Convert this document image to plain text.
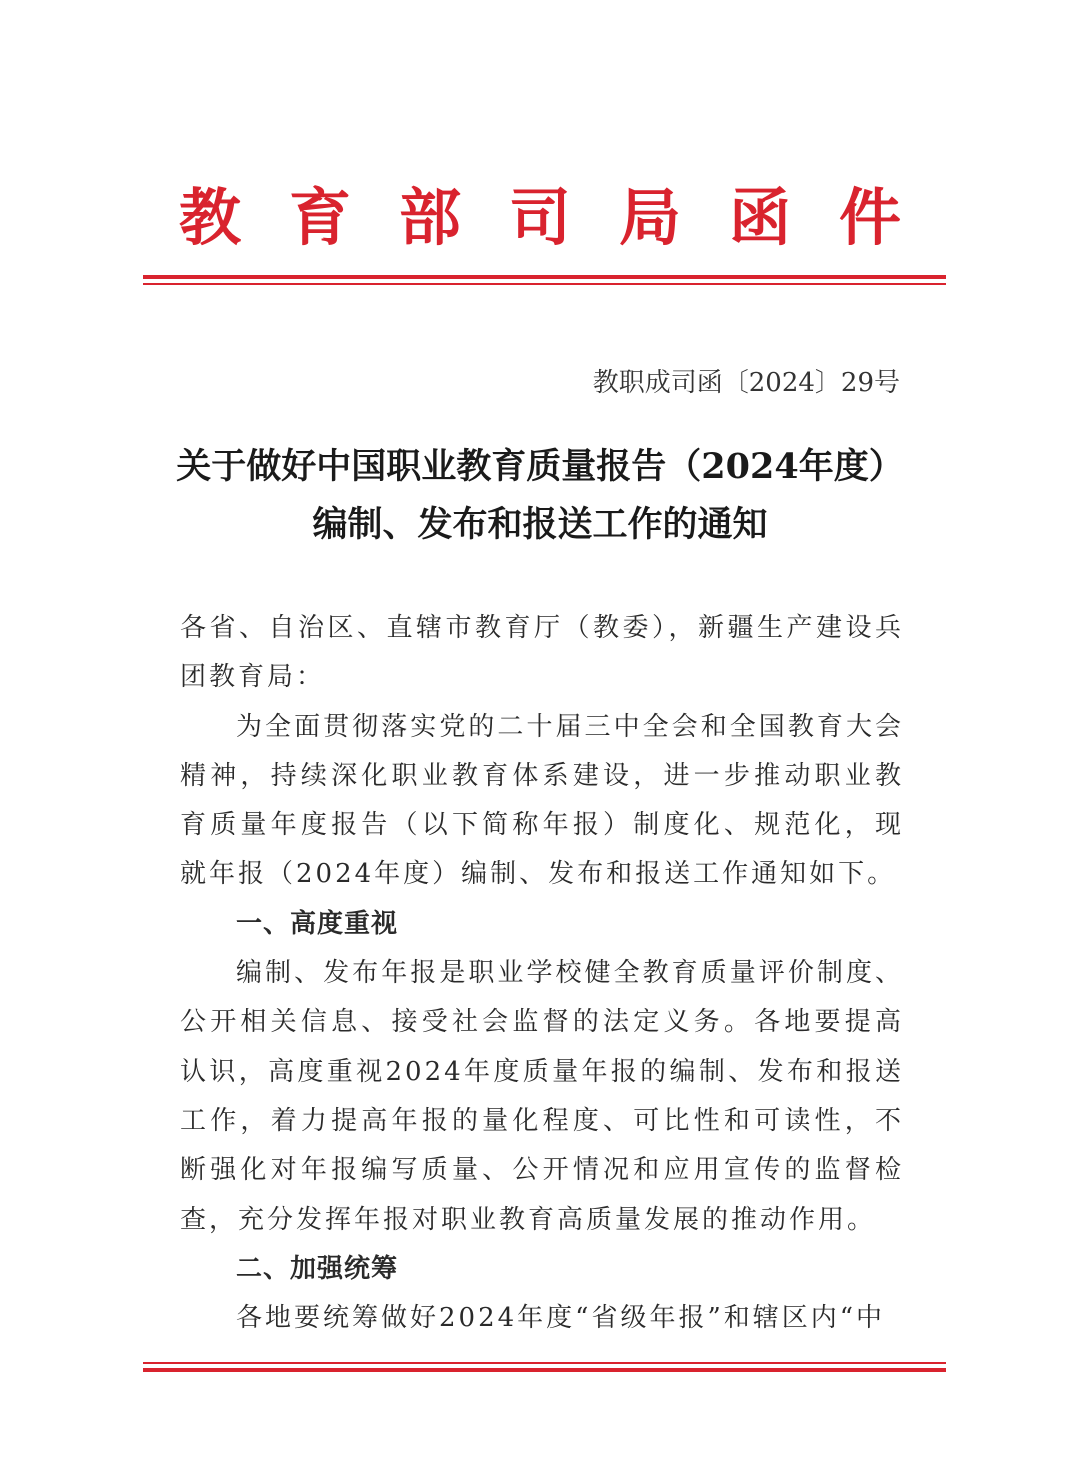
教育部司局函件
教职成司函〔2024〕29号
关于做好中国职业教育质量报告（2024年度）
编制、发布和报送工作的通知

各省、自治区、直辖市教育厅（教委），新疆生产建设兵团教育局：

为全面贯彻落实党的二十届三中全会和全国教育大会精神，持续深化职业教育体系建设，进一步推动职业教育质量年度报告（以下简称年报）制度化、规范化，现就年报（2024年度）编制、发布和报送工作通知如下。

一、高度重视

编制、发布年报是职业学校健全教育质量评价制度、公开相关信息、接受社会监督的法定义务。各地要提高认识，高度重视2024年度质量年报的编制、发布和报送工作，着力提高年报的量化程度、可比性和可读性，不断强化对年报编写质量、公开情况和应用宣传的监督检查，充分发挥年报对职业教育高质量发展的推动作用。

二、加强统筹

各地要统筹做好2024年度“省级年报”和辖区内“中
